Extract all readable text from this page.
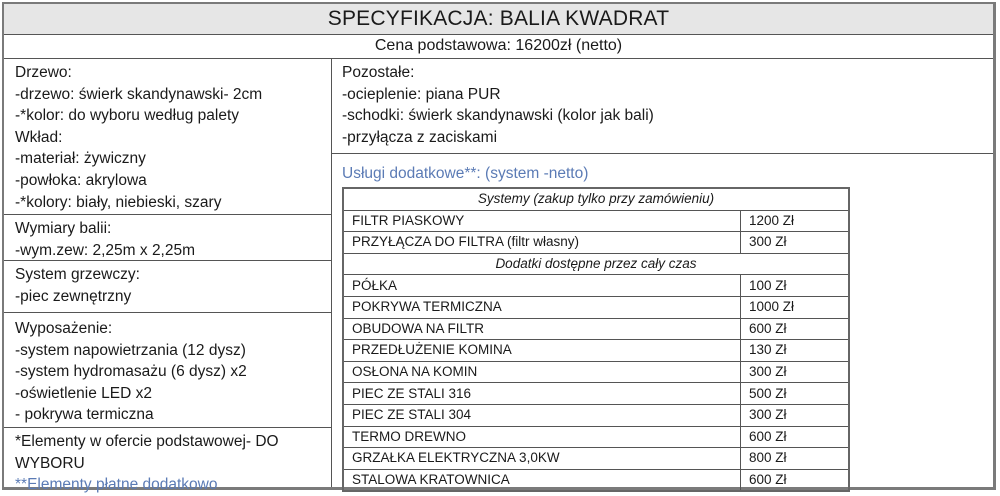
SPECYFIKACJA: BALIA KWADRAT
Cena podstawowa: 16200zł (netto)
Drzewo:
-drzewo: świerk skandynawski- 2cm
-*kolor: do wyboru według palety
Wkład:
-materiał: żywiczny
-powłoka: akrylowa
-*kolory: biały, niebieski, szary
Wymiary balii:
-wym.zew: 2,25m x 2,25m
System grzewczy:
-piec zewnętrzny
Wyposażenie:
-system napowietrzania (12 dysz)
-system hydromasażu (6 dysz) x2
-oświetlenie LED x2
- pokrywa termiczna
*Elementy w ofercie podstawowej- DO
WYBORU
**Elementy płatne dodatkowo
Pozostałe:
-ocieplenie: piana PUR
-schodki: świerk skandynawski (kolor jak bali)
-przyłącza z zaciskami
Usługi dodatkowe**: (system -netto)
Systemy (zakup tylko przy zamówieniu)	
FILTR PIASKOWY	1200 Zł
PRZYŁĄCZA DO FILTRA (filtr własny)	300 Zł
Dodatki dostępne przez cały czas	
PÓŁKA	100 Zł
POKRYWA TERMICZNA	1000 Zł
OBUDOWA NA FILTR	600 Zł
PRZEDŁUŻENIE KOMINA	130 Zł
OSŁONA NA KOMIN	300 Zł
PIEC ZE STALI 316	500 Zł
PIEC ZE STALI 304	300 Zł
TERMO DREWNO	600 Zł
GRZAŁKA ELEKTRYCZNA 3,0KW	800 Zł
STALOWA KRATOWNICA	600 Zł
